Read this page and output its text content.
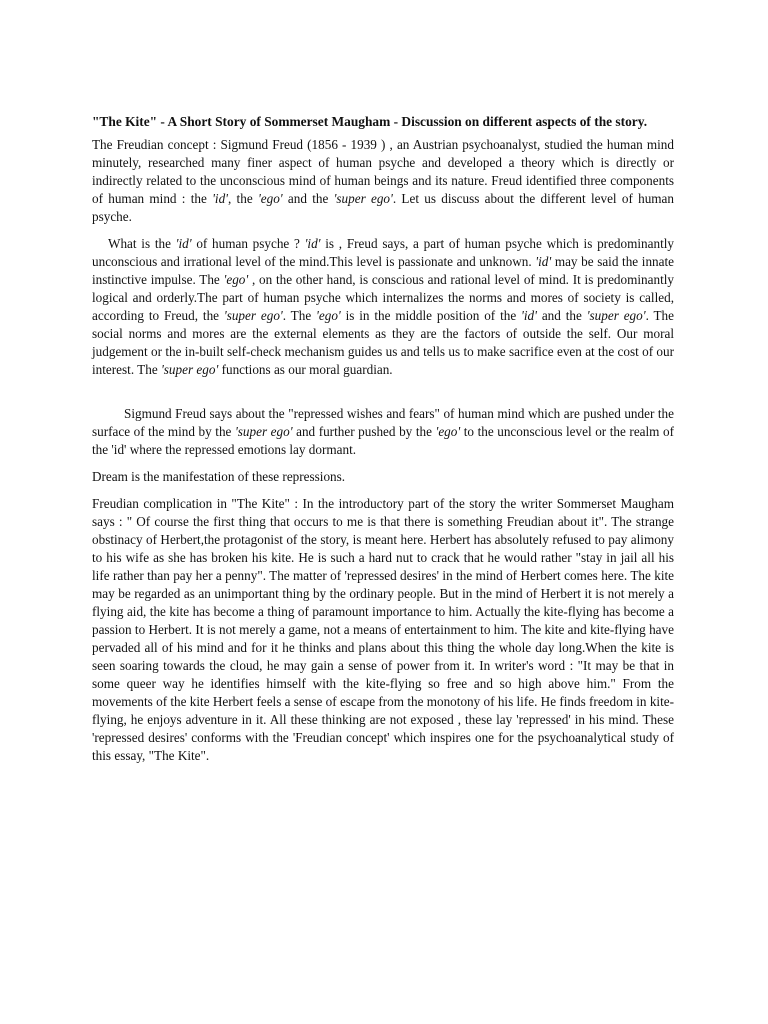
"The Kite" - A Short Story of Sommerset Maugham - Discussion on different aspects of the story.

The Freudian concept : Sigmund Freud (1856 - 1939 ) , an Austrian psychoanalyst, studied the human mind minutely, researched many finer aspect of human psyche and developed a theory which is directly or indirectly related to the unconscious mind of human beings and its nature. Freud identified three components of human mind : the 'id', the 'ego' and the 'super ego'. Let us discuss about the different level of human psyche.

What is the 'id' of human psyche ? 'id' is , Freud says, a part of human psyche which is predominantly unconscious and irrational level of the mind.This level is passionate and unknown. 'id' may be said the innate instinctive impulse. The 'ego' , on the other hand, is conscious and rational level of mind. It is predominantly logical and orderly.The part of human psyche which internalizes the norms and mores of society is called, according to Freud, the 'super ego'. The 'ego' is in the middle position of the 'id' and the 'super ego'. The social norms and mores are the external elements as they are the factors of outside the self. Our moral judgement or the in-built self-check mechanism guides us and tells us to make sacrifice even at the cost of our interest. The 'super ego' functions as our moral guardian.

Sigmund Freud says about the "repressed wishes and fears" of human mind which are pushed under the surface of the mind by the 'super ego' and further pushed by the 'ego' to the unconscious level or the realm of the 'id' where the repressed emotions lay dormant.

Dream is the manifestation of these repressions.

Freudian complication in "The Kite" : In the introductory part of the story the writer Sommerset Maugham says : " Of course the first thing that occurs to me is that there is something Freudian about it". The strange obstinacy of Herbert,the protagonist of the story, is meant here. Herbert has absolutely refused to pay alimony to his wife as she has broken his kite. He is such a hard nut to crack that he would rather "stay in jail all his life rather than pay her a penny". The matter of 'repressed desires' in the mind of Herbert comes here. The kite may be regarded as an unimportant thing by the ordinary people. But in the mind of Herbert it is not merely a flying aid, the kite has become a thing of paramount importance to him. Actually the kite-flying has become a passion to Herbert. It is not merely a game, not a means of entertainment to him. The kite and kite-flying have pervaded all of his mind and for it he thinks and plans about this thing the whole day long.When the kite is seen soaring towards the cloud, he may gain a sense of power from it. In writer's word : "It may be that in some queer way he identifies himself with the kite-flying so free and so high above him." From the movements of the kite Herbert feels a sense of escape from the monotony of his life. He finds freedom in kite-flying, he enjoys adventure in it. All these thinking are not exposed , these lay 'repressed' in his mind. These 'repressed desires' conforms with the 'Freudian concept' which inspires one for the psychoanalytical study of this essay, "The Kite".
